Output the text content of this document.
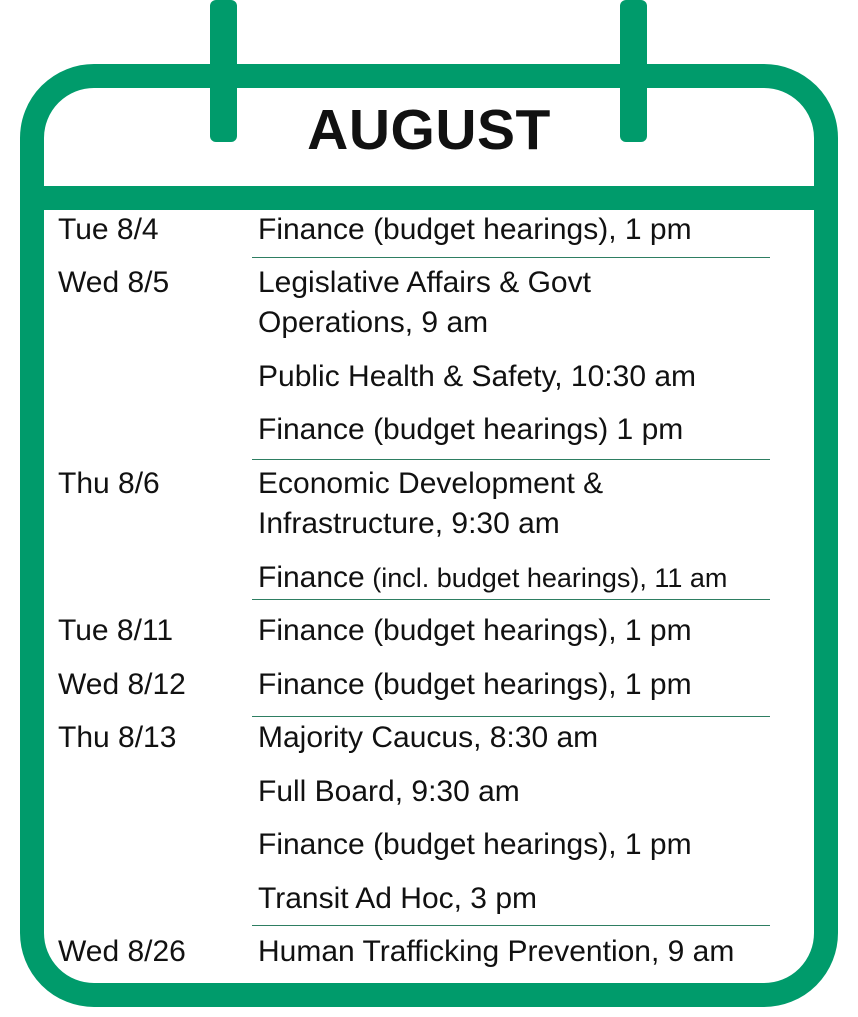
AUGUST
Tue 8/4	Finance (budget hearings), 1 pm
Wed 8/5	Legislative Affairs & Govt
Operations, 9 am
Public Health & Safety, 10:30 am
Finance (budget hearings) 1 pm
Thu 8/6	Economic Development &
Infrastructure, 9:30 am
Finance (incl. budget hearings), 11 am
Tue 8/11	Finance (budget hearings), 1 pm
Wed 8/12 Finance (budget hearings), 1 pm
Thu 8/13	Majority Caucus, 8:30 am
Full Board, 9:30 am
Finance (budget hearings), 1 pm
Transit Ad Hoc, 3 pm
Wed 8/26 Human Trafficking Prevention, 9 am
